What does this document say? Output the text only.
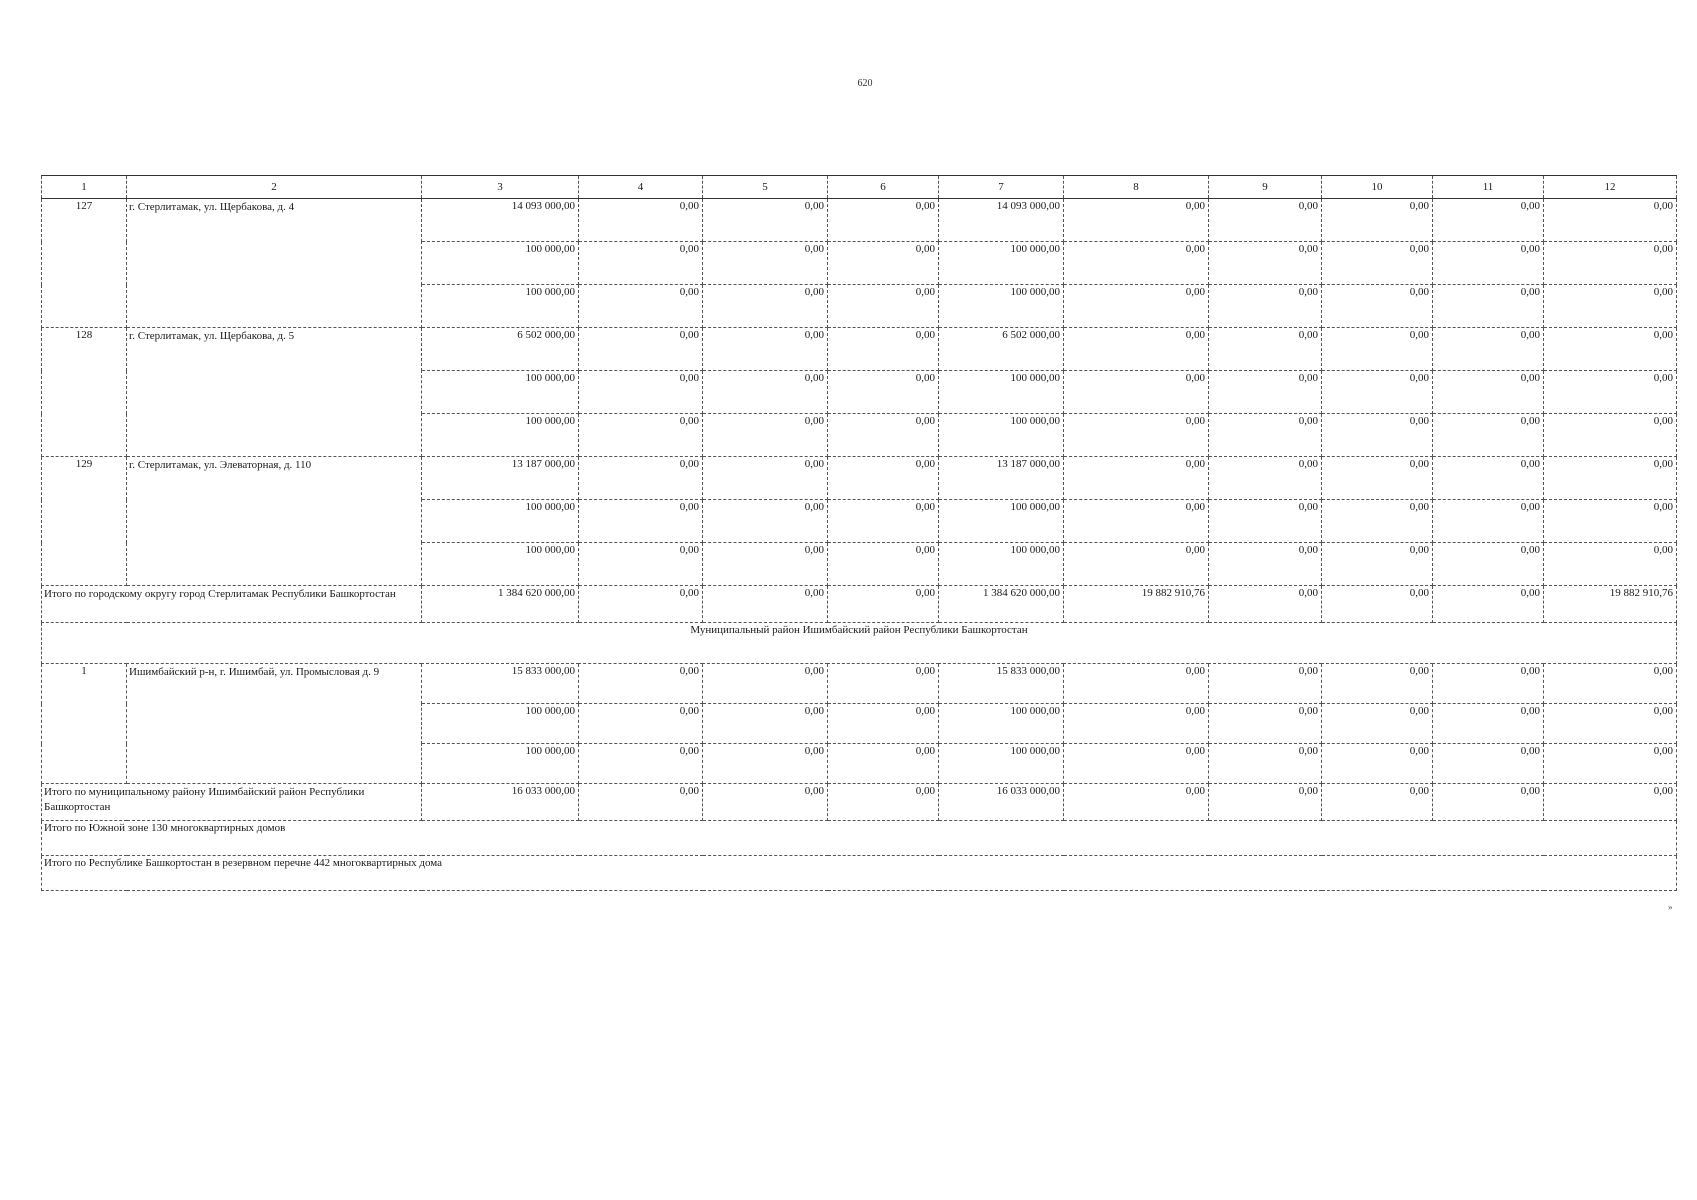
620
1	2	3	4	5	6	7	8	9	10	11	12
127	г. Стерлитамак, ул. Щербакова, д. 4	14 093 000,00	0,00	0,00	0,00	14 093 000,00	0,00	0,00	0,00	0,00	0,00
		100 000,00	0,00	0,00	0,00	100 000,00	0,00	0,00	0,00	0,00	0,00
		100 000,00	0,00	0,00	0,00	100 000,00	0,00	0,00	0,00	0,00	0,00
128	г. Стерлитамак, ул. Щербакова, д. 5	6 502 000,00	0,00	0,00	0,00	6 502 000,00	0,00	0,00	0,00	0,00	0,00
		100 000,00	0,00	0,00	0,00	100 000,00	0,00	0,00	0,00	0,00	0,00
		100 000,00	0,00	0,00	0,00	100 000,00	0,00	0,00	0,00	0,00	0,00
129	г. Стерлитамак, ул. Элеваторная, д. 110	13 187 000,00	0,00	0,00	0,00	13 187 000,00	0,00	0,00	0,00	0,00	0,00
		100 000,00	0,00	0,00	0,00	100 000,00	0,00	0,00	0,00	0,00	0,00
		100 000,00	0,00	0,00	0,00	100 000,00	0,00	0,00	0,00	0,00	0,00
Итого по городскому округу город Стерлитамак Республики Башкортостан		1 384 620 000,00	0,00	0,00	0,00	1 384 620 000,00	19 882 910,76	0,00	0,00	0,00	19 882 910,76
Муниципальный район Ишимбайский район Республики Башкортостан											
1	Ишимбайский р-н, г. Ишимбай, ул. Промысловая д. 9	15 833 000,00	0,00	0,00	0,00	15 833 000,00	0,00	0,00	0,00	0,00	0,00
		100 000,00	0,00	0,00	0,00	100 000,00	0,00	0,00	0,00	0,00	0,00
		100 000,00	0,00	0,00	0,00	100 000,00	0,00	0,00	0,00	0,00	0,00
Итого по муниципальному району Ишимбайский район Республики Башкортостан		16 033 000,00	0,00	0,00	0,00	16 033 000,00	0,00	0,00	0,00	0,00	0,00
Итого по Южной зоне 130 многоквартирных домов											
Итого по Республике Башкортостан в резервном перечне 442 многоквартирных дома											
»
